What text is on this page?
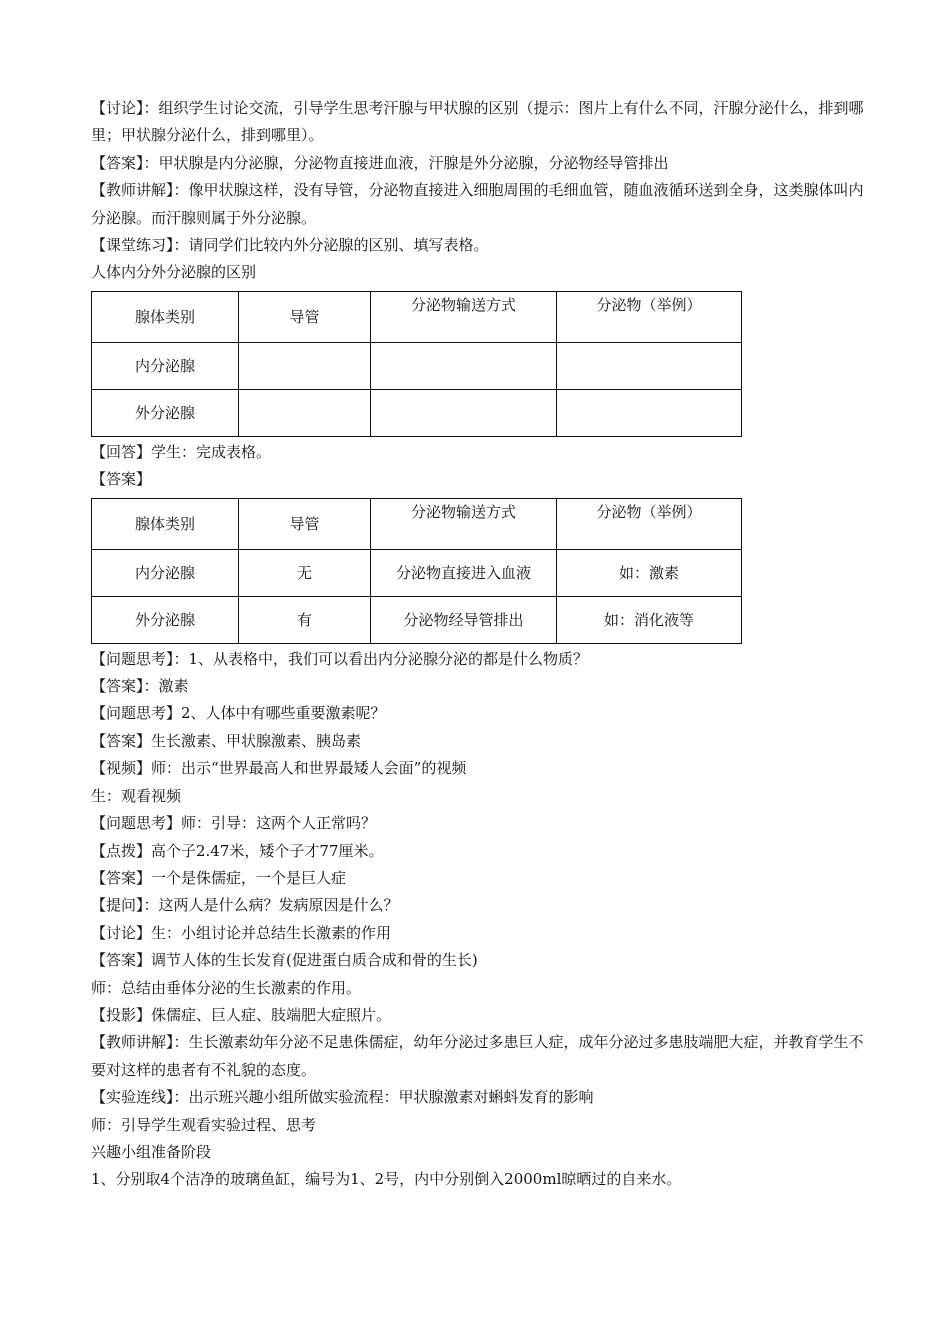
【讨论】：组织学生讨论交流，引导学生思考汗腺与甲状腺的区别（提示：图片上有什么不同，汗腺分泌什么，排到哪里；甲状腺分泌什么，排到哪里）。

【答案】：甲状腺是内分泌腺，分泌物直接进血液，汗腺是外分泌腺，分泌物经导管排出

【教师讲解】：像甲状腺这样，没有导管，分泌物直接进入细胞周围的毛细血管，随血液循环送到全身，这类腺体叫内分泌腺。而汗腺则属于外分泌腺。

【课堂练习】：请同学们比较内外分泌腺的区别、填写表格。

人体内分外分泌腺的区别

腺体类别	导管	分泌物输送方式	分泌物（举例）
内分泌腺			
外分泌腺			

【回答】学生：完成表格。

【答案】

腺体类别	导管	分泌物输送方式	分泌物（举例）
内分泌腺	无	分泌物直接进入血液	如：激素
外分泌腺	有	分泌物经导管排出	如：消化液等

【问题思考】：1、从表格中，我们可以看出内分泌腺分泌的都是什么物质？

【答案】：激素

【问题思考】2、人体中有哪些重要激素呢？

【答案】生长激素、甲状腺激素、胰岛素

【视频】师：出示“世界最高人和世界最矮人会面”的视频

生：观看视频

【问题思考】师：引导：这两个人正常吗？

【点拨】高个子2.47米，矮个子才77厘米。

【答案】一个是侏儒症，一个是巨人症

【提问】：这两人是什么病？发病原因是什么？

【讨论】生：小组讨论并总结生长激素的作用

【答案】调节人体的生长发育(促进蛋白质合成和骨的生长)

师：总结由垂体分泌的生长激素的作用。

【投影】侏儒症、巨人症、肢端肥大症照片。

【教师讲解】：生长激素幼年分泌不足患侏儒症，幼年分泌过多患巨人症，成年分泌过多患肢端肥大症，并教育学生不要对这样的患者有不礼貌的态度。

【实验连线】：出示班兴趣小组所做实验流程：甲状腺激素对蝌蚪发育的影响

师：引导学生观看实验过程、思考

兴趣小组准备阶段

1、分别取4个洁净的玻璃鱼缸，编号为1、2号，内中分别倒入2000ml晾晒过的自来水。
